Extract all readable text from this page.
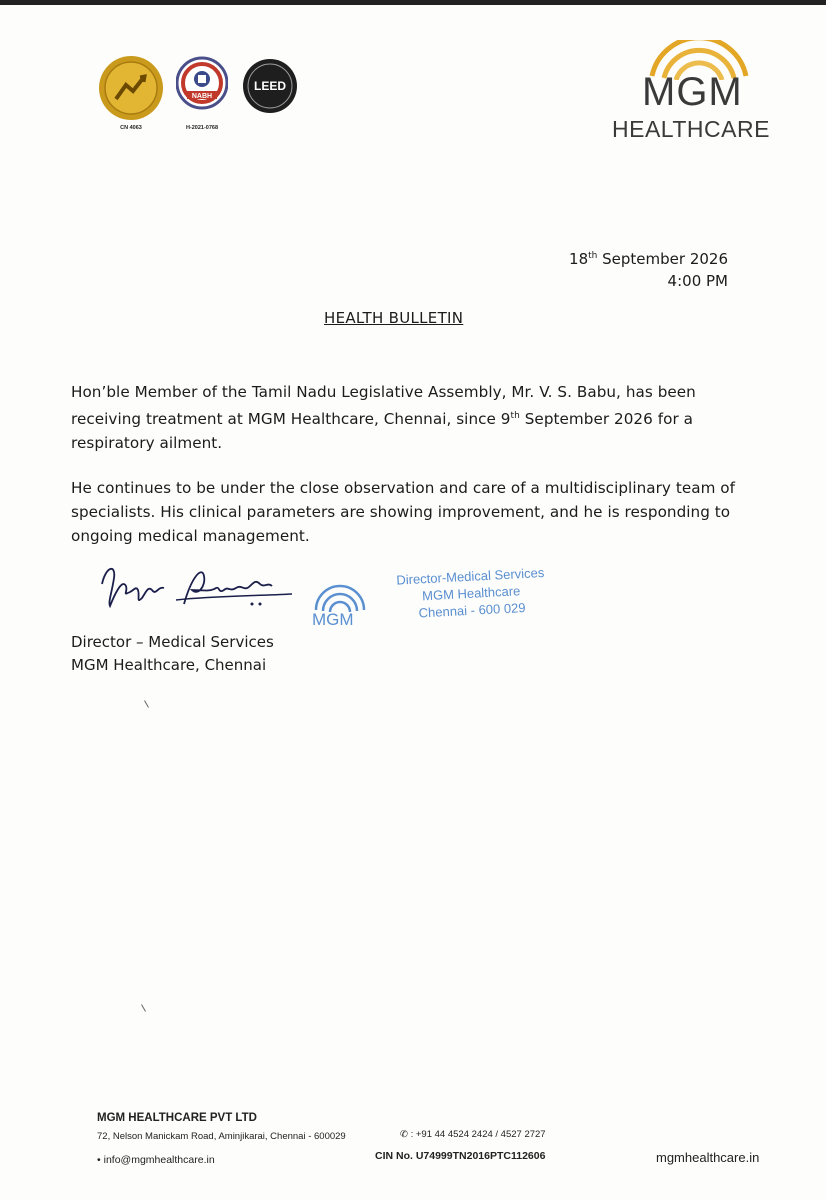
CN 4063
NABH
H-2021-0768
LEED	MGM
HEALTHCARE
18th September 2026
4:00 PM
HEALTH BULLETIN
Hon’ble Member of the Tamil Nadu Legislative Assembly, Mr. V. S. Babu, has been receiving treatment at MGM Healthcare, Chennai, since 9th September 2026 for a respiratory ailment.
He continues to be under the close observation and care of a multidisciplinary team of specialists. His clinical parameters are showing improvement, and he is responding to ongoing medical management.
MGM
Director-Medical Services
MGM Healthcare
Chennai - 600 029
Director – Medical Services
MGM Healthcare, Chennai
MGM HEALTHCARE PVT LTD
72, Nelson Manickam Road, Aminjikarai, Chennai - 600029	✆ : +91 44 4524 2424 / 4527 2727
• info@mgmhealthcare.in	CIN No. U74999TN2016PTC112606	mgmhealthcare.in
